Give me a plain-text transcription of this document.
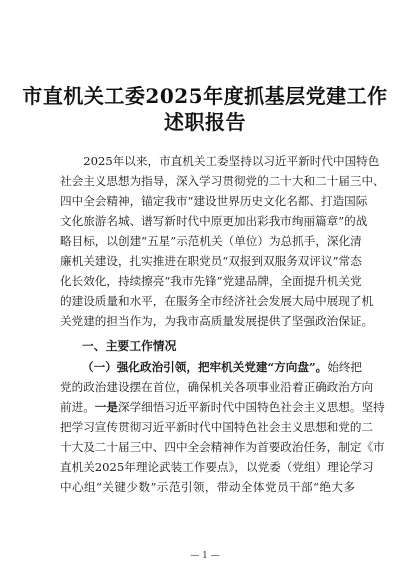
市直机关工委2025年度抓基层党建工作
述职报告
　　2025年以来，市直机关工委坚持以习近平新时代中国特色
社会主义思想为指导，深入学习贯彻党的二十大和二十届三中、
四中全会精神，锚定我市“建设世界历史文化名都、打造国际
文化旅游名城、谱写新时代中原更加出彩我市绚丽篇章”的战
略目标，以创建“五星”示范机关（单位）为总抓手，深化清
廉机关建设，扎实推进在职党员“双报到双服务双评议”常态
化长效化，持续擦亮“我市先锋”党建品牌，全面提升机关党
的建设质量和水平，在服务全市经济社会发展大局中展现了机
关党建的担当作为，为我市高质量发展提供了坚强政治保证。
一、主要工作情况
（一）强化政治引领，把牢机关党建“方向盘”。始终把
党的政治建设摆在首位，确保机关各项事业沿着正确政治方向
前进。一是深学细悟习近平新时代中国特色社会主义思想。坚持
把学习宣传贯彻习近平新时代中国特色社会主义思想和党的二
十大及二十届三中、四中全会精神作为首要政治任务，制定《市
直机关2025年理论武装工作要点》，以党委（党组）理论学习
中心组“关键少数”示范引领，带动全体党员干部“绝大多
— 1 —
